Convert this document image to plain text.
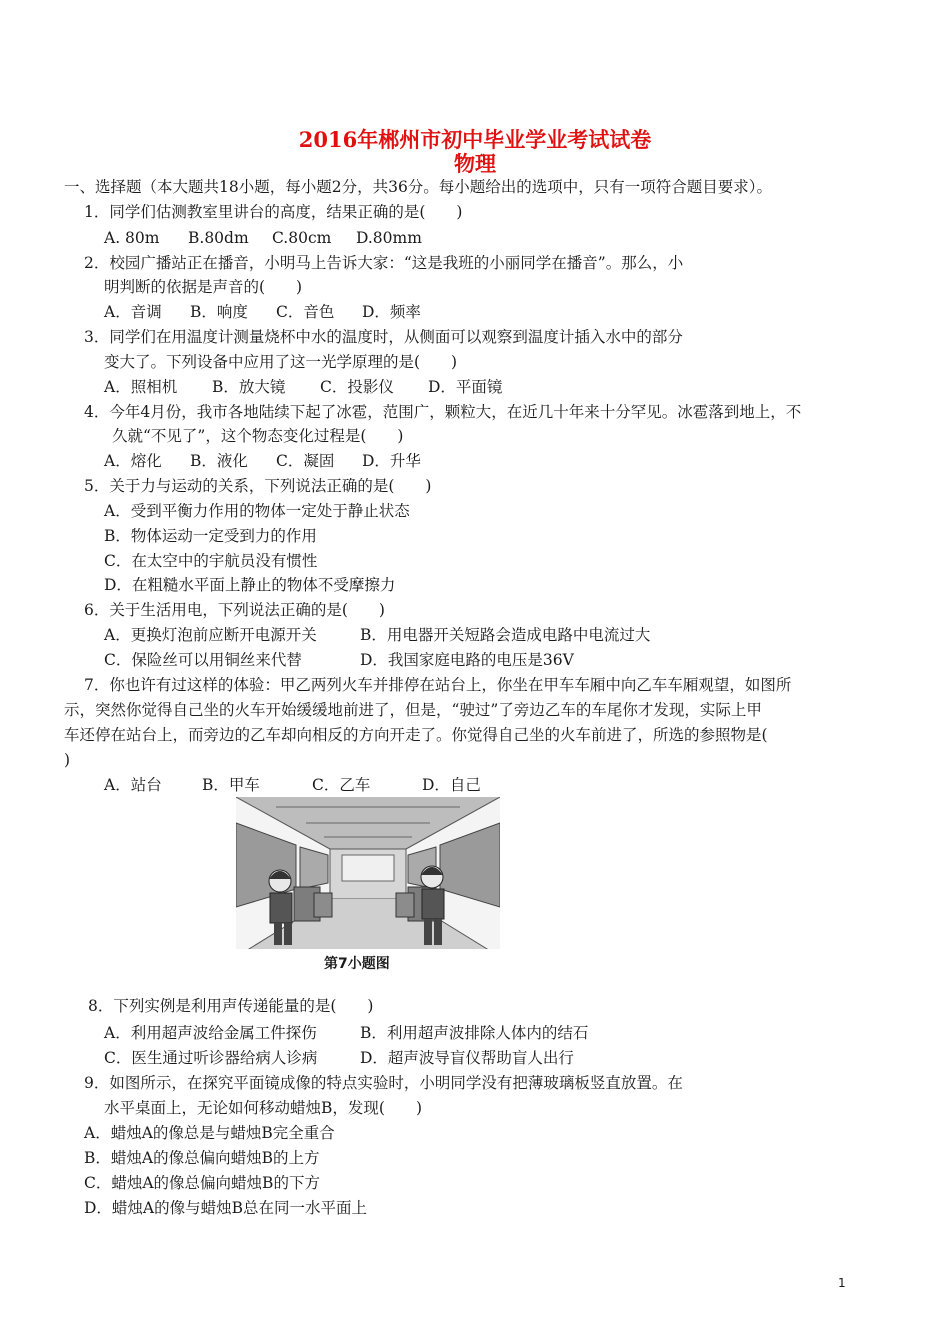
2016年郴州市初中毕业学业考试试卷
物理
一、选择题（本大题共18小题，每小题2分，共36分。每小题给出的选项中，只有一项符合题目要求）。
1．同学们估测教室里讲台的高度，结果正确的是(　　)
A. 80m B.80dm C.80cm D.80mm
2．校园广播站正在播音，小明马上告诉大家：“这是我班的小丽同学在播音”。那么，小
明判断的依据是声音的(　　)
A．音调 B．响度 C．音色 D．频率
3．同学们在用温度计测量烧杯中水的温度时，从侧面可以观察到温度计插入水中的部分
变大了。下列设备中应用了这一光学原理的是(　　)
A．照相机 B．放大镜 C．投影仪 D．平面镜
4．今年4月份，我市各地陆续下起了冰雹，范围广，颗粒大，在近几十年来十分罕见。冰雹落到地上，不
久就“不见了”，这个物态变化过程是(　　)
A．熔化 B．液化 C．凝固 D．升华
5．关于力与运动的关系，下列说法正确的是(　　)
A．受到平衡力作用的物体一定处于静止状态
B．物体运动一定受到力的作用
C．在太空中的宇航员没有惯性
D．在粗糙水平面上静止的物体不受摩擦力
6．关于生活用电，下列说法正确的是(　　)
A．更换灯泡前应断开电源开关	B．用电器开关短路会造成电路中电流过大
C．保险丝可以用铜丝来代替	D．我国家庭电路的电压是36V
7．你也许有过这样的体验：甲乙两列火车并排停在站台上，你坐在甲车车厢中向乙车车厢观望，如图所
示，突然你觉得自己坐的火车开始缓缓地前进了，但是，“驶过”了旁边乙车的车尾你才发现，实际上甲
车还停在站台上，而旁边的乙车却向相反的方向开走了。你觉得自己坐的火车前进了，所选的参照物是(
)
A．站台	B．甲车	C．乙车	D．自己
第7小题图
8．下列实例是利用声传递能量的是(　　)
A．利用超声波给金属工件探伤	B．利用超声波排除人体内的结石
C．医生通过听诊器给病人诊病	D．超声波导盲仪帮助盲人出行
9．如图所示，在探究平面镜成像的特点实验时，小明同学没有把薄玻璃板竖直放置。在
水平桌面上，无论如何移动蜡烛B，发现(　　)
A．蜡烛A的像总是与蜡烛B完全重合
B．蜡烛A的像总偏向蜡烛B的上方
C．蜡烛A的像总偏向蜡烛B的下方
D．蜡烛A的像与蜡烛B总在同一水平面上
1
